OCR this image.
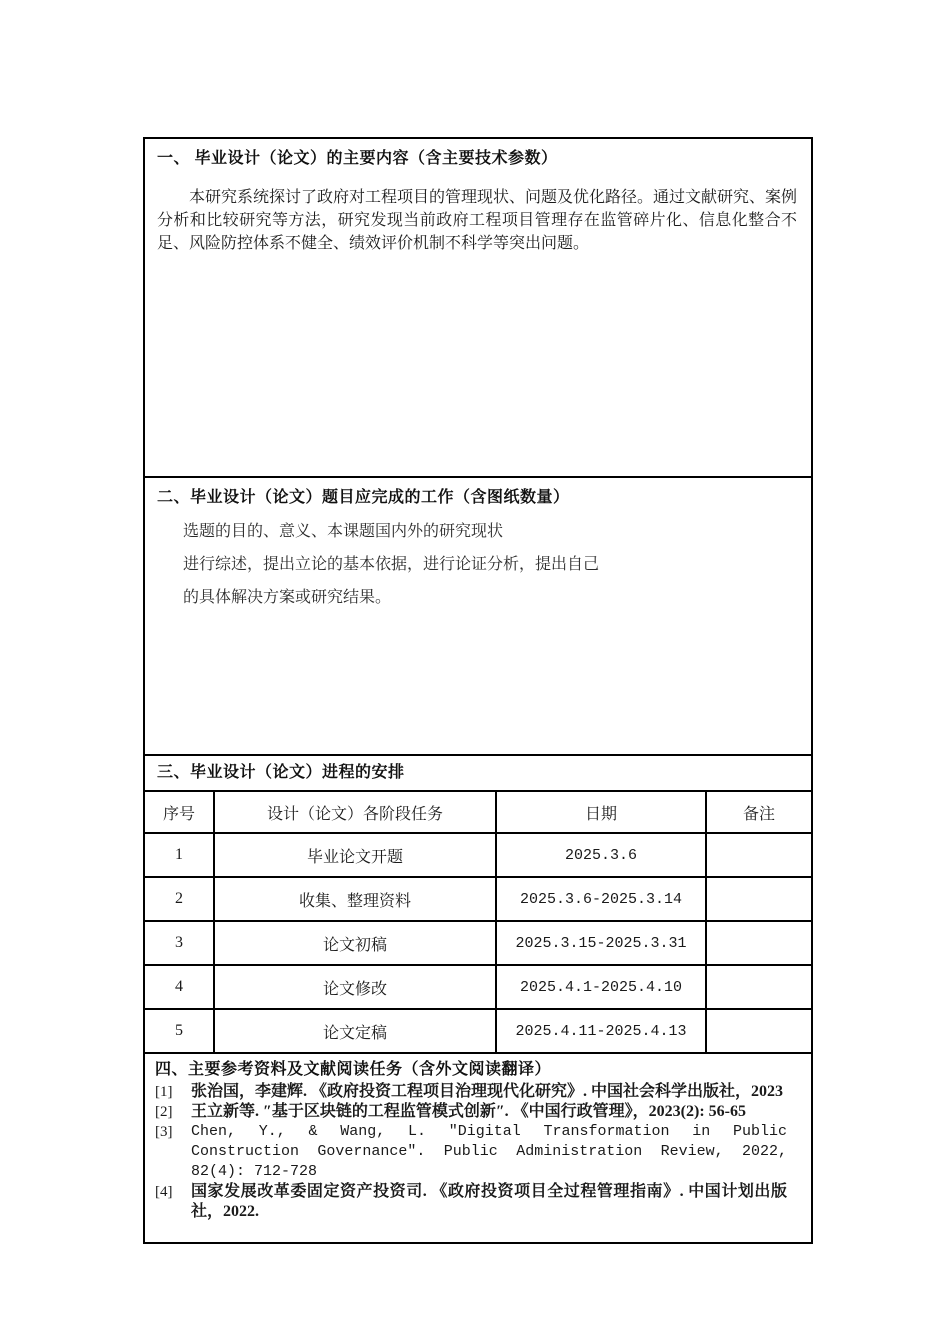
一、 毕业设计（论文）的主要内容（含主要技术参数）

本研究系统探讨了政府对工程项目的管理现状、问题及优化路径。通过文献研究、案例分析和比较研究等方法，研究发现当前政府工程项目管理存在监管碎片化、信息化整合不足、风险防控体系不健全、绩效评价机制不科学等突出问题。

二、毕业设计（论文）题目应完成的工作（含图纸数量）
选题的目的、意义、本课题国内外的研究现状
进行综述，提出立论的基本依据，进行论证分析，提出自己
的具体解决方案或研究结果。
三、毕业设计（论文）进程的安排
序号	设计（论文）各阶段任务	日期	备注
1	毕业论文开题	2025.3.6	
2	收集、整理资料	2025.3.6-2025.3.14	
3	论文初稿	2025.3.15-2025.3.31	
4	论文修改	2025.4.1-2025.4.10	
5	论文定稿	2025.4.11-2025.4.13	
四、主要参考资料及文献阅读任务（含外文阅读翻译）
[1]	张治国，李建辉. 《政府投资工程项目治理现代化研究》. 中国社会科学出版社，2023
[2]	王立新等. ″基于区块链的工程监管模式创新″. 《中国行政管理》，2023(2): 56-65
[3]	Chen, Y., & Wang, L. ″Digital Transformation in Public Construction Governance″. Public Administration Review, 2022, 82(4): 712-728
[4]	国家发展改革委固定资产投资司. 《政府投资项目全过程管理指南》. 中国计划出版社，2022.
